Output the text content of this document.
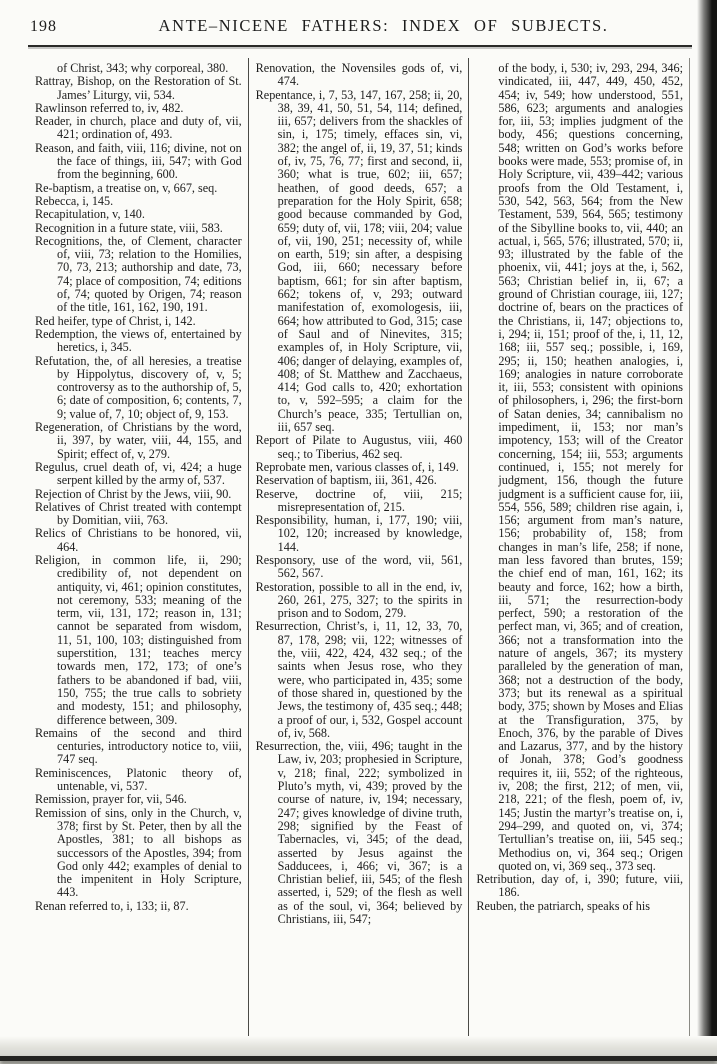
198	ANTE–NICENE FATHERS: INDEX OF SUBJECTS.

of Christ, 343; why corporeal, 380.

Rattray, Bishop, on the Restoration of St. James’ Liturgy, vii, 534.

Rawlinson referred to, iv, 482.

Reader, in church, place and duty of, vii, 421; ordination of, 493.

Reason, and faith, viii, 116; divine, not on the face of things, iii, 547; with God from the beginning, 600.

Re-baptism, a treatise on, v, 667, seq.

Rebecca, i, 145.

Recapitulation, v, 140.

Recognition in a future state, viii, 583.

Recognitions, the, of Clement, character of, viii, 73; relation to the Homilies, 70, 73, 213; authorship and date, 73, 74; place of composition, 74; editions of, 74; quoted by Origen, 74; reason of the title, 161, 162, 190, 191.

Red heifer, type of Christ, i, 142.

Redemption, the views of, entertained by heretics, i, 345.

Refutation, the, of all heresies, a treatise by Hippolytus, discovery of, v, 5; controversy as to the authorship of, 5, 6; date of composition, 6; contents, 7, 9; value of, 7, 10; object of, 9, 153.

Regeneration, of Christians by the word, ii, 397, by water, viii, 44, 155, and Spirit; effect of, v, 279.

Regulus, cruel death of, vi, 424; a huge serpent killed by the army of, 537.

Rejection of Christ by the Jews, viii, 90.

Relatives of Christ treated with contempt by Domitian, viii, 763.

Relics of Christians to be honored, vii, 464.

Religion, in common life, ii, 290; credibility of, not dependent on antiquity, vi, 461; opinion constitutes, not ceremony, 533; meaning of the term, vii, 131, 172; reason in, 131; cannot be separated from wisdom, 11, 51, 100, 103; distinguished from superstition, 131; teaches mercy towards men, 172, 173; of one’s fathers to be abandoned if bad, viii, 150, 755; the true calls to sobriety and modesty, 151; and philosophy, difference between, 309.

Remains of the second and third centuries, introductory notice to, viii, 747 seq.

Reminiscences, Platonic theory of, untenable, vi, 537.

Remission, prayer for, vii, 546.

Remission of sins, only in the Church, v, 378; first by St. Peter, then by all the Apostles, 381; to all bishops as successors of the Apostles, 394; from God only 442; examples of denial to the impenitent in Holy Scripture, 443.

Renan referred to, i, 133; ii, 87.

Renovation, the Novensiles gods of, vi, 474.

Repentance, i, 7, 53, 147, 167, 258; ii, 20, 38, 39, 41, 50, 51, 54, 114; defined, iii, 657; delivers from the shackles of sin, i, 175; timely, effaces sin, vi, 382; the angel of, ii, 19, 37, 51; kinds of, iv, 75, 76, 77; first and second, ii, 360; what is true, 602; iii, 657; heathen, of good deeds, 657; a preparation for the Holy Spirit, 658; good because commanded by God, 659; duty of, vii, 178; viii, 204; value of, vii, 190, 251; necessity of, while on earth, 519; sin after, a despising God, iii, 660; necessary before baptism, 661; for sin after baptism, 662; tokens of, v, 293; outward manifestation of, exomologesis, iii, 664; how attributed to God, 315; case of Saul and of Ninevites, 315; examples of, in Holy Scripture, vii, 406; danger of delaying, examples of, 408; of St. Matthew and Zacchaeus, 414; God calls to, 420; exhortation to, v, 592–595; a claim for the Church’s peace, 335; Tertullian on, iii, 657 seq.

Report of Pilate to Augustus, viii, 460 seq.; to Tiberius, 462 seq.

Reprobate men, various classes of, i, 149.

Reservation of baptism, iii, 361, 426.

Reserve, doctrine of, viii, 215; misrepresentation of, 215.

Responsibility, human, i, 177, 190; viii, 102, 120; increased by knowledge, 144.

Responsory, use of the word, vii, 561, 562, 567.

Restoration, possible to all in the end, iv, 260, 261, 275, 327; to the spirits in prison and to Sodom, 279.

Resurrection, Christ’s, i, 11, 12, 33, 70, 87, 178, 298; vii, 122; witnesses of the, viii, 422, 424, 432 seq.; of the saints when Jesus rose, who they were, who participated in, 435; some of those shared in, questioned by the Jews, the testimony of, 435 seq.; 448; a proof of our, i, 532, Gospel account of, iv, 568.

Resurrection, the, viii, 496; taught in the Law, iv, 203; prophesied in Scripture, v, 218; final, 222; symbolized in Pluto’s myth, vi, 439; proved by the course of nature, iv, 194; necessary, 247; gives knowledge of divine truth, 298; signified by the Feast of Tabernacles, vi, 345; of the dead, asserted by Jesus against the Sadducees, i, 466; vi, 367; is a Christian belief, iii, 545; of the flesh asserted, i, 529; of the flesh as well as of the soul, vi, 364; believed by Christians, iii, 547;

of the body, i, 530; iv, 293, 294, 346; vindicated, iii, 447, 449, 450, 452, 454; iv, 549; how understood, 551, 586, 623; arguments and analogies for, iii, 53; implies judgment of the body, 456; questions concerning, 548; written on God’s works before books were made, 553; promise of, in Holy Scripture, vii, 439–442; various proofs from the Old Testament, i, 530, 542, 563, 564; from the New Testament, 539, 564, 565; testimony of the Sibylline books to, vii, 440; an actual, i, 565, 576; illustrated, 570; ii, 93; illustrated by the fable of the phoenix, vii, 441; joys at the, i, 562, 563; Christian belief in, ii, 67; a ground of Christian courage, iii, 127; doctrine of, bears on the practices of the Christians, ii, 147; objections to, i, 294; ii, 151; proof of the, i, 11, 12, 168; iii, 557 seq.; possible, i, 169, 295; ii, 150; heathen analogies, i, 169; analogies in nature corroborate it, iii, 553; consistent with opinions of philosophers, i, 296; the first-born of Satan denies, 34; cannibalism no impediment, ii, 153; nor man’s impotency, 153; will of the Creator concerning, 154; iii, 553; arguments continued, i, 155; not merely for judgment, 156, though the future judgment is a sufficient cause for, iii, 554, 556, 589; children rise again, i, 156; argument from man’s nature, 156; probability of, 158; from changes in man’s life, 258; if none, man less favored than brutes, 159; the chief end of man, 161, 162; its beauty and force, 162; how a birth, iii, 571; the resurrection-body perfect, 590; a restoration of the perfect man, vi, 365; and of creation, 366; not a transformation into the nature of angels, 367; its mystery paralleled by the generation of man, 368; not a destruction of the body, 373; but its renewal as a spiritual body, 375; shown by Moses and Elias at the Transfiguration, 375, by Enoch, 376, by the parable of Dives and Lazarus, 377, and by the history of Jonah, 378; God’s goodness requires it, iii, 552; of the righteous, iv, 208; the first, 212; of men, vii, 218, 221; of the flesh, poem of, iv, 145; Justin the martyr’s treatise on, i, 294–299, and quoted on, vi, 374; Tertullian’s treatise on, iii, 545 seq.; Methodius on, vi, 364 seq.; Origen quoted on, vi, 369 seq., 373 seq.

Retribution, day of, i, 390; future, viii, 186.

Reuben, the patriarch, speaks of his
